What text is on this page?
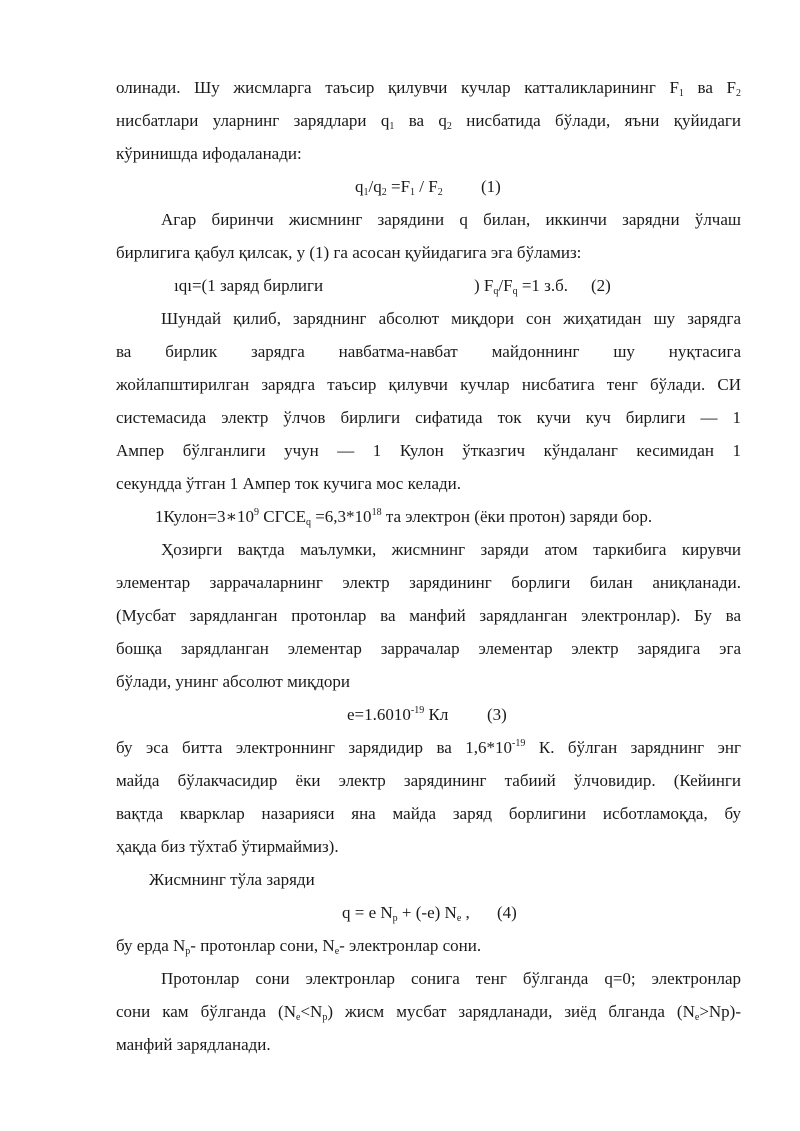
олинади. Шу жисмларга таъсир қилувчи кучлар катталикларининг $F_1$ ва $F_2$
нисбатлари уларнинг зарядлари $q_1$ ва $q_2$ нисбатида бўлади, яъни қуйидаги
кўринишда ифодаланади:
$q_1/q_2 =F_1 / F_2$ (1)
Агар биринчи жисмнинг зарядини q билан, иккинчи зарядни ўлчаш
бирлигига қабул қилсак, у (1) га асосан қуйидагига эга бўламиз:
ıqı=(1 заряд бирлиги	) $F_q/F_q =1$ з.б. (2)
Шундай қилиб, заряднинг абсолют миқдори сон жиҳатидан шу зарядга
ва бирлик зарядга навбатма-навбат майдоннинг шу нуқтасига
жойлапштирилган зарядга таъсир қилувчи кучлар нисбатига тенг бўлади. СИ
системасида электр ўлчов бирлиги сифатида ток кучи куч бирлиги — 1
Ампер бўлганлиги учун — 1 Кулон ўтказгич кўндаланг кесимидан 1
секундда ўтган 1 Ампер ток кучига мос келади.
$1Кулон=3∗10^9$ $СГСЕ_q =6,3*10^{18}$ та электрон (ёки протон) заряди бор.
Ҳозирги вақтда маълумки, жисмнинг заряди атом таркибига кирувчи
элементар заррачаларнинг электр зарядининг борлиги билан аниқланади.
(Мусбат зарядланган протонлар ва манфий зарядланган электронлар). Бу ва
бошқа зарядланган элементар заррачалар элементар электр зарядига эга
бўлади, унинг абсолют миқдори
$e=1.6010^{-19}$ Кл (3)
бу эса битта электроннинг зарядидир ва $1,6*10^{-19}$ К. бўлган заряднинг энг
майда бўлакчасидир ёки электр зарядининг табиий ўлчовидир. (Кейинги
вақтда кварклар назарияси яна майда заряд борлигини исботламоқда, бу
ҳақда биз тўхтаб ўтирмаймиз).
Жисмнинг тўла заряди
q = e $N_p + (-e)$ $N_e$ , (4)
бу ерда $N_p-$ протонлар сони, $N_e-$ электронлар сони.
Протонлар сони электронлар сонига тенг бўлганда q=0; электронлар
сони кам бўлганда $(N_e<N_p)$ жисм мусбат зарядланади, зиёд блганда $(N_e>Np)-$
манфий зарядланади.
